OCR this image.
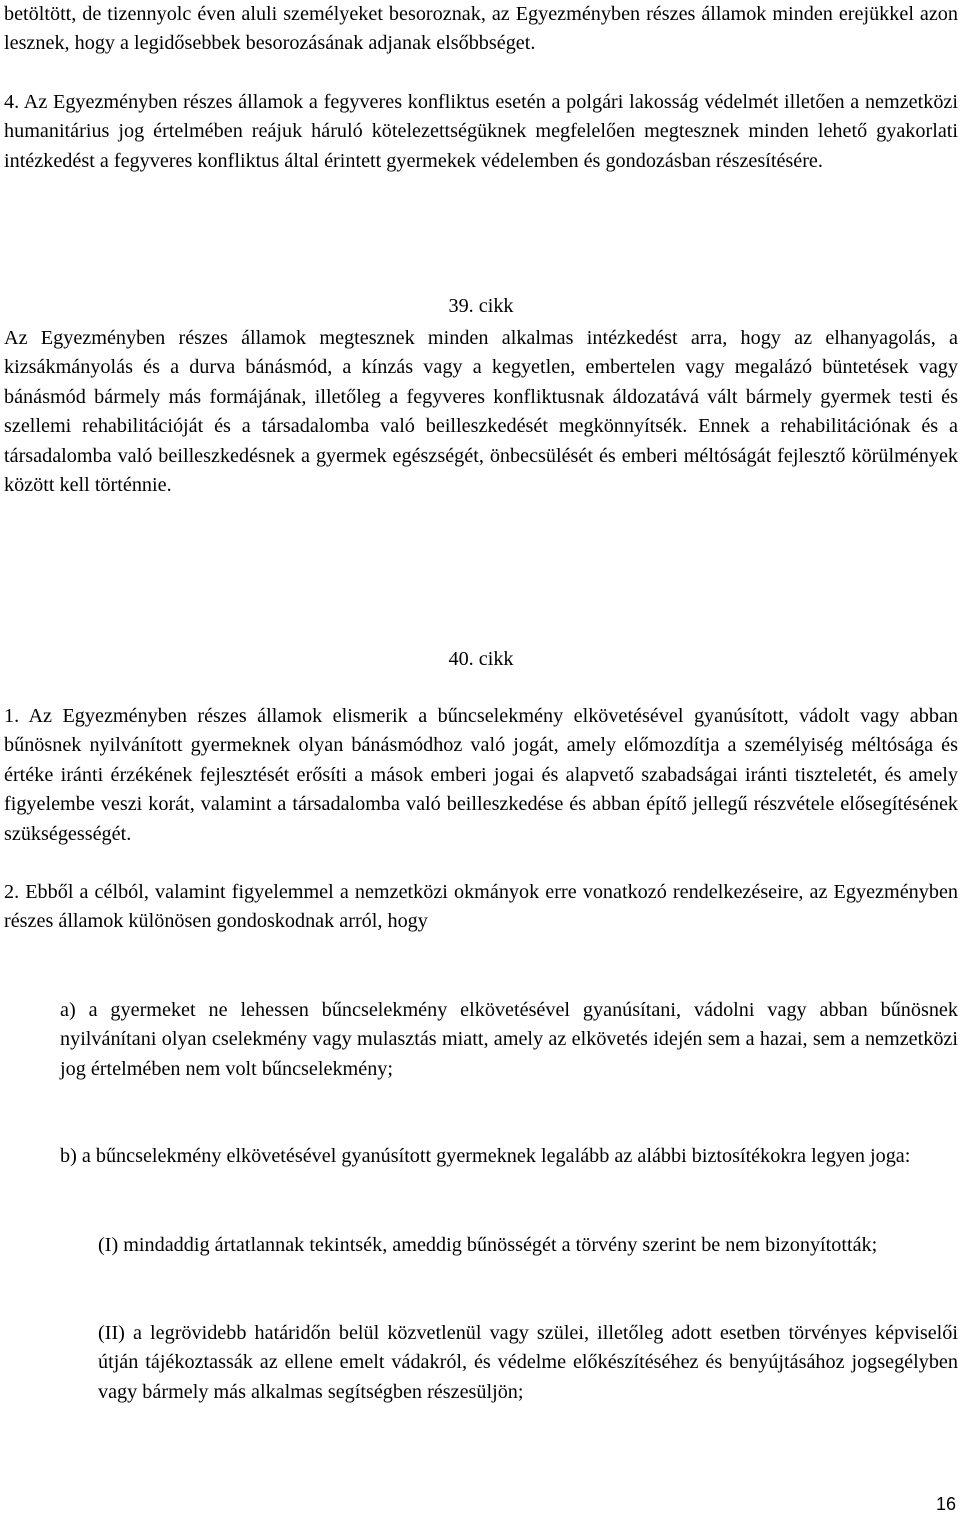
betöltött, de tizennyolc éven aluli személyeket besoroznak, az Egyezményben részes államok minden erejükkel azon lesznek, hogy a legidősebbek besorozásának adjanak elsőbbséget.

4. Az Egyezményben részes államok a fegyveres konfliktus esetén a polgári lakosság védelmét illetően a nemzetközi humanitárius jog értelmében reájuk háruló kötelezettségüknek megfelelően megtesznek minden lehető gyakorlati intézkedést a fegyveres konfliktus által érintett gyermekek védelemben és gondozásban részesítésére.

39. cikk

Az Egyezményben részes államok megtesznek minden alkalmas intézkedést arra, hogy az elhanyagolás, a kizsákmányolás és a durva bánásmód, a kínzás vagy a kegyetlen, embertelen vagy megalázó büntetések vagy bánásmód bármely más formájának, illetőleg a fegyveres konfliktusnak áldozatává vált bármely gyermek testi és szellemi rehabilitációját és a társadalomba való beilleszkedését megkönnyítsék. Ennek a rehabilitációnak és a társadalomba való beilleszkedésnek a gyermek egészségét, önbecsülését és emberi méltóságát fejlesztő körülmények között kell történnie.

40. cikk

1. Az Egyezményben részes államok elismerik a bűncselekmény elkövetésével gyanúsított, vádolt vagy abban bűnösnek nyilvánított gyermeknek olyan bánásmódhoz való jogát, amely előmozdítja a személyiség méltósága és értéke iránti érzékének fejlesztését erősíti a mások emberi jogai és alapvető szabadságai iránti tiszteletét, és amely figyelembe veszi korát, valamint a társadalomba való beilleszkedése és abban építő jellegű részvétele elősegítésének szükségességét.

2. Ebből a célból, valamint figyelemmel a nemzetközi okmányok erre vonatkozó rendelkezéseire, az Egyezményben részes államok különösen gondoskodnak arról, hogy

a) a gyermeket ne lehessen bűncselekmény elkövetésével gyanúsítani, vádolni vagy abban bűnösnek nyilvánítani olyan cselekmény vagy mulasztás miatt, amely az elkövetés idején sem a hazai, sem a nemzetközi jog értelmében nem volt bűncselekmény;

b) a bűncselekmény elkövetésével gyanúsított gyermeknek legalább az alábbi biztosítékokra legyen joga:

(I) mindaddig ártatlannak tekintsék, ameddig bűnösségét a törvény szerint be nem bizonyították;

(II) a legrövidebb határidőn belül közvetlenül vagy szülei, illetőleg adott esetben törvényes képviselői útján tájékoztassák az ellene emelt vádakról, és védelme előkészítéséhez és benyújtásához jogsegélyben vagy bármely más alkalmas segítségben részesüljön;

16
